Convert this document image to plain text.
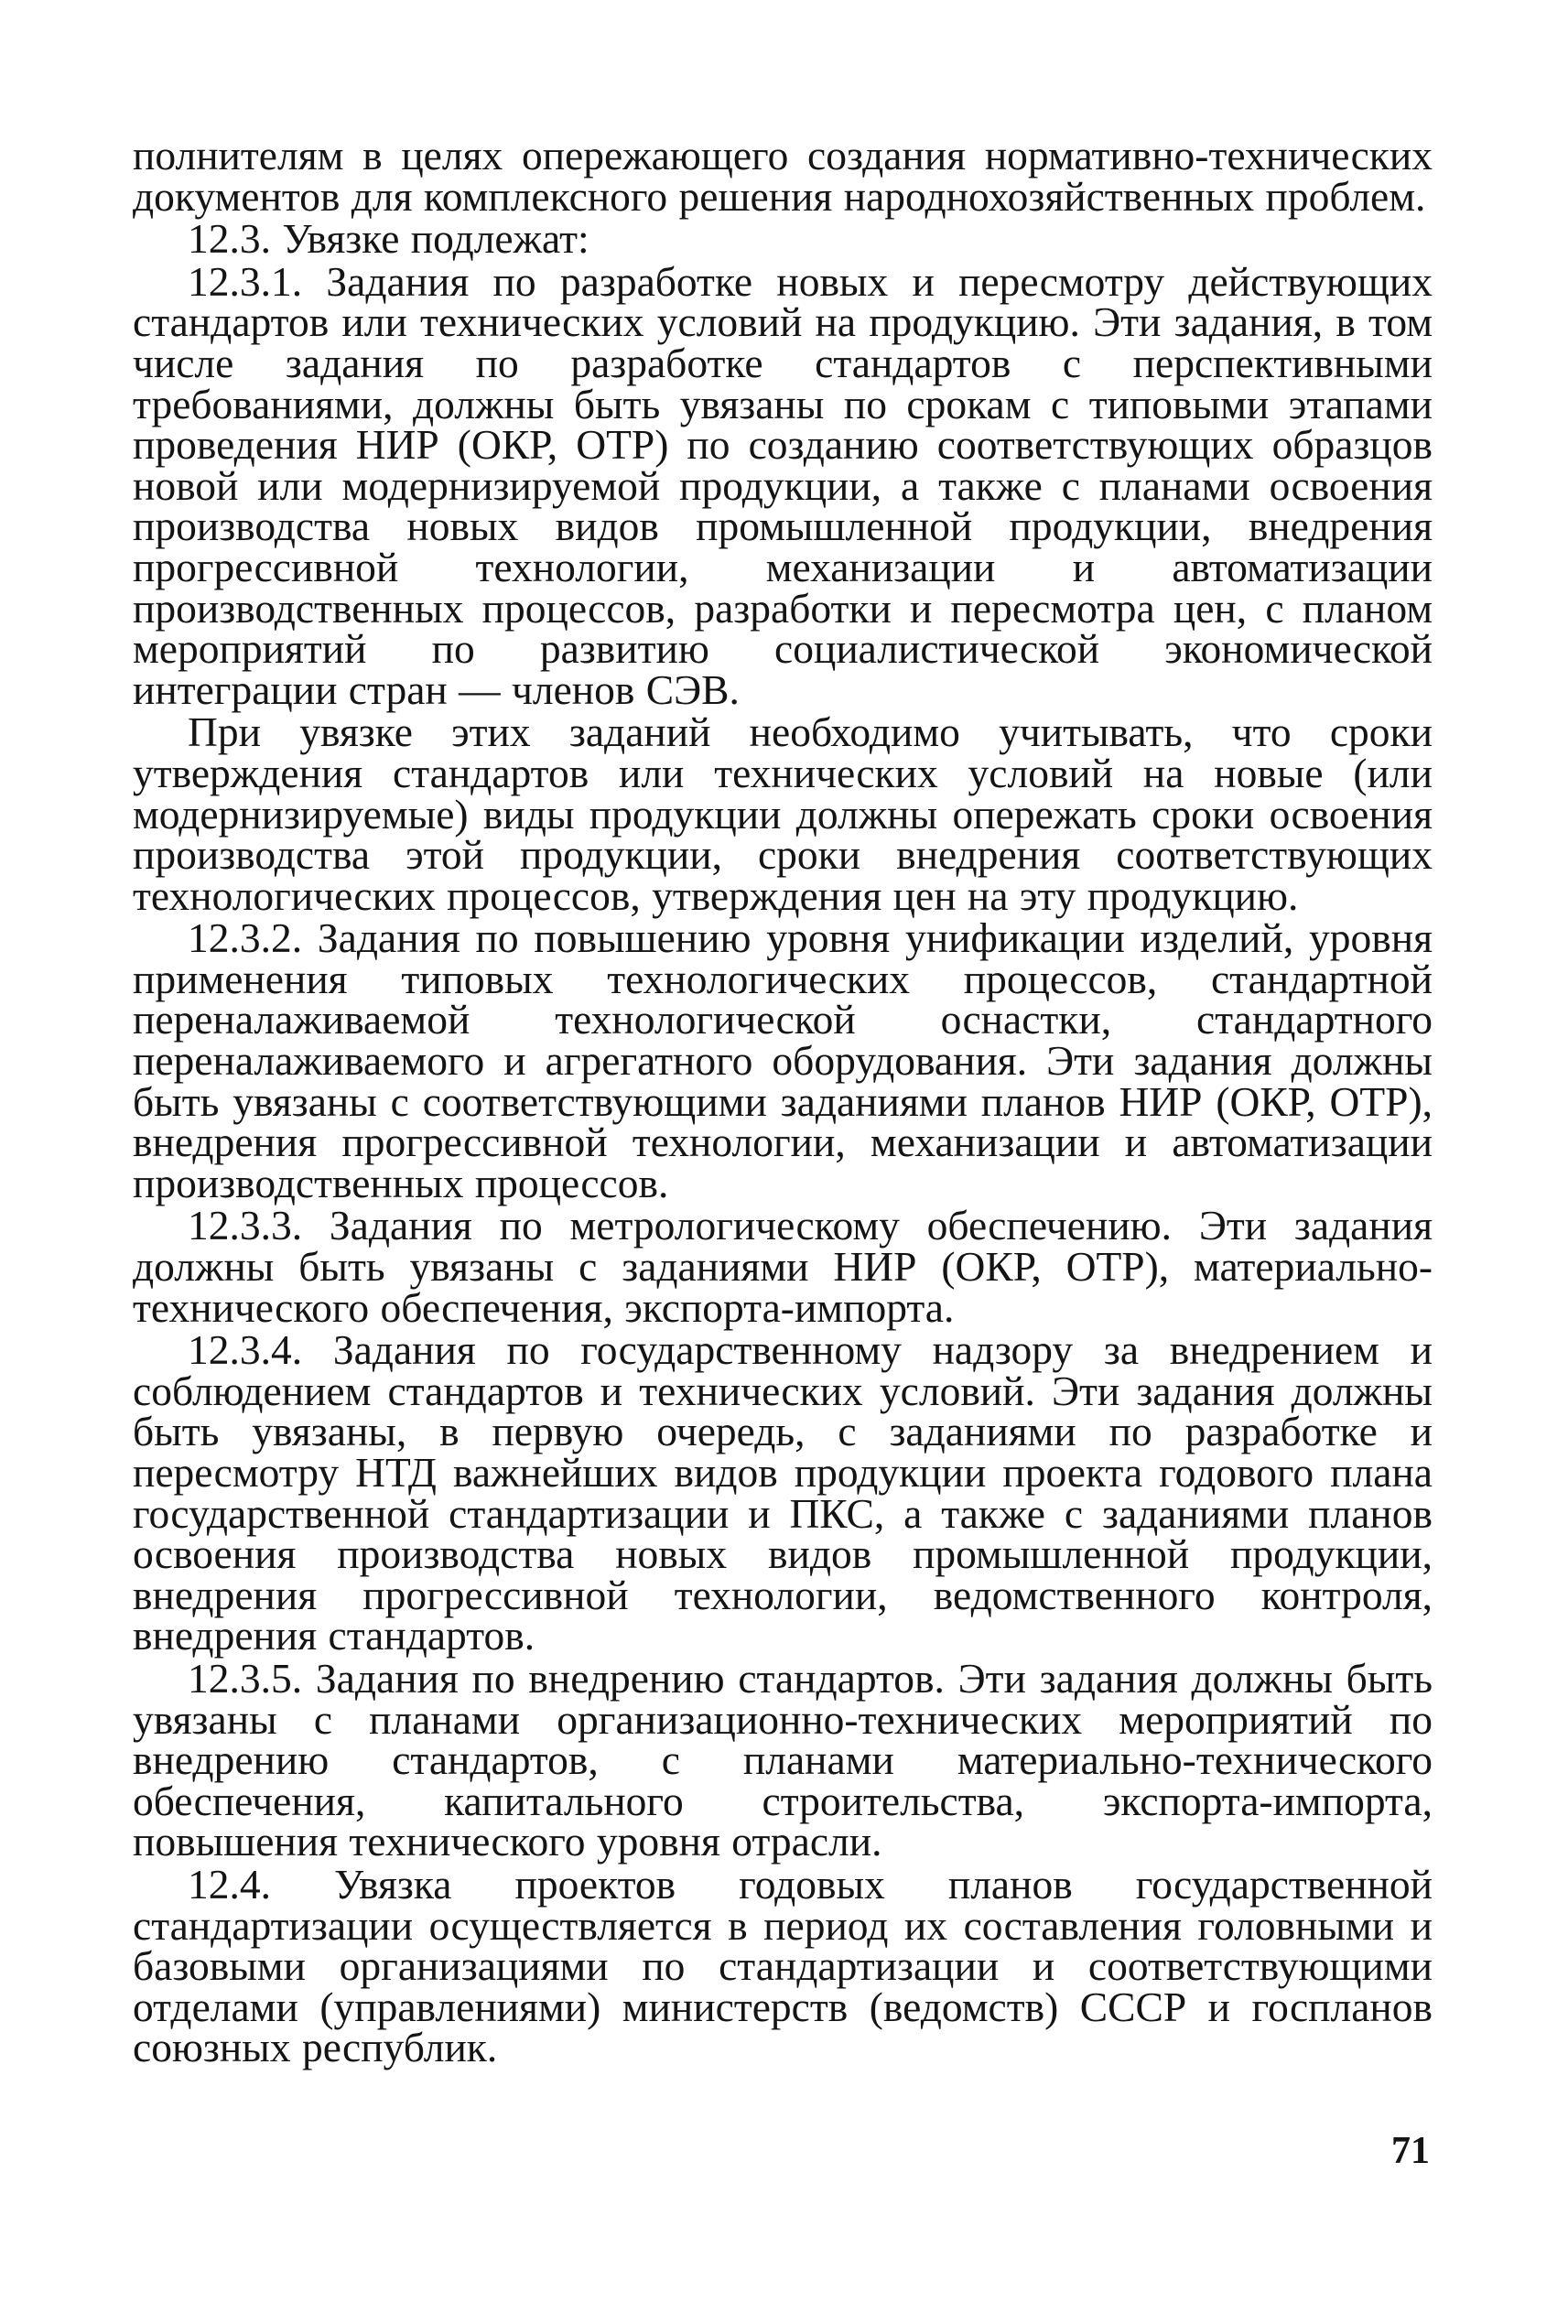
полнителям в целях опережающего создания нормативно-технических документов для комплексного решения народнохозяйственных проблем.

12.3. Увязке подлежат:

12.3.1. Задания по разработке новых и пересмотру действующих стандартов или технических условий на продукцию. Эти задания, в том числе задания по разработке стандартов с перспективными требованиями, должны быть увязаны по срокам с типовыми этапами проведения НИР (ОКР, ОТР) по созданию соответствующих образцов новой или модернизируемой продукции, а также с планами освоения производства новых видов промышленной продукции, внедрения прогрессивной технологии, механизации и автоматизации производственных процессов, разработки и пересмотра цен, с планом мероприятий по развитию социалистической экономической интеграции стран — членов СЭВ.

При увязке этих заданий необходимо учитывать, что сроки утверждения стандартов или технических условий на новые (или модернизируемые) виды продукции должны опережать сроки освоения производства этой продукции, сроки внедрения соответствующих технологических процессов, утверждения цен на эту продукцию.

12.3.2. Задания по повышению уровня унификации изделий, уровня применения типовых технологических процессов, стандартной переналаживаемой технологической оснастки, стандартного переналаживаемого и агрегатного оборудования. Эти задания должны быть увязаны с соответствующими заданиями планов НИР (ОКР, ОТР), внедрения прогрессивной технологии, механизации и автоматизации производственных процессов.

12.3.3. Задания по метрологическому обеспечению. Эти задания должны быть увязаны с заданиями НИР (ОКР, ОТР), материально-технического обеспечения, экспорта-импорта.

12.3.4. Задания по государственному надзору за внедрением и соблюдением стандартов и технических условий. Эти задания должны быть увязаны, в первую очередь, с заданиями по разработке и пересмотру НТД важнейших видов продукции проекта годового плана государственной стандартизации и ПКС, а также с заданиями планов освоения производства новых видов промышленной продукции, внедрения прогрессивной технологии, ведомственного контроля, внедрения стандартов.

12.3.5. Задания по внедрению стандартов. Эти задания должны быть увязаны с планами организационно-технических мероприятий по внедрению стандартов, с планами материально-технического обеспечения, капитального строительства, экспорта-импорта, повышения технического уровня отрасли.

12.4. Увязка проектов годовых планов государственной стандартизации осуществляется в период их составления головными и базовыми организациями по стандартизации и соответствующими отделами (управлениями) министерств (ведомств) СССР и госпланов союзных республик.

71
